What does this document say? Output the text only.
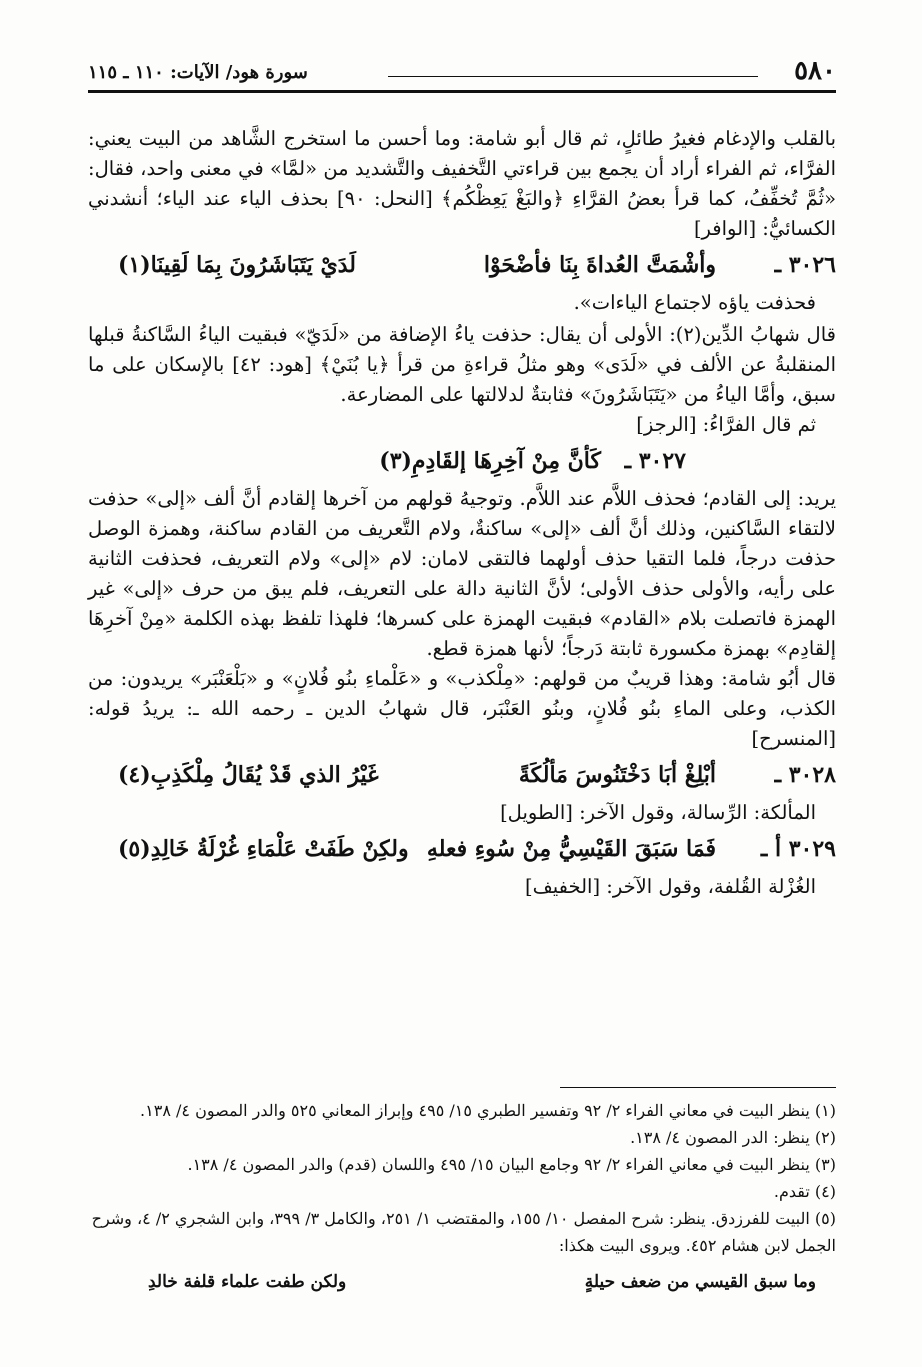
٥٨٠
سورة هود/ الآيات: ١١٠ ـ ١١٥

بالقلب والإدغام فغيرُ طائلٍ، ثم قال أبو شامة: وما أحسن ما استخرج الشَّاهد من البيت يعني: الفرَّاء، ثم الفراء أراد أن يجمع بين قراءتي التَّخفيف والتَّشديد من «لمَّا» في معنى واحد، فقال: «ثُمَّ تُخفِّفُ، كما قرأ بعضُ القرَّاءِ ﴿والبَغْ يَعِظْكُم﴾ [النحل: ٩٠] بحذف الياء عند الياء؛ أنشدني الكسائيُّ: [الوافر]

٣٠٢٦ ـ
وأشْمَتَّ العُداةَ بِنَا فأضْحَوْا
لَدَيْ يَتَبَاشَرُونَ بِمَا لَقِينَا(١)

فحذفت ياؤه لاجتماع الياءات».

قال شهابُ الدِّين(٢): الأولى أن يقال: حذفت ياءُ الإضافة من «لَدَيّ» فبقيت الياءُ السَّاكنةُ قبلها المنقلبةُ عن الألف في «لَدَى» وهو مثلُ قراءةِ من قرأ ﴿يا بُنَيْ﴾ [هود: ٤٢] بالإسكان على ما سبق، وأمَّا الياءُ من «يَتَبَاشَرُونَ» فثابتةٌ لدلالتها على المضارعة.

ثم قال الفرَّاءُ: [الرجز]

٣٠٢٧ ـ
كَأنَّ مِنْ آخِرِهَا إلقَادِمِ(٣)

يريد: إلى القادم؛ فحذف اللاَّم عند اللاَّم. وتوجيهُ قولهم من آخرها إلقادم أنَّ ألف «إلى» حذفت لالتقاء السَّاكنين، وذلك أنَّ ألف «إلى» ساكنةٌ، ولام التَّعريف من القادم ساكنة، وهمزة الوصل حذفت درجاً، فلما التقيا حذف أولهما فالتقى لامان: لام «إلى» ولام التعريف، فحذفت الثانية على رأيه، والأولى حذف الأولى؛ لأنَّ الثانية دالة على التعريف، فلم يبق من حرف «إلى» غير الهمزة فاتصلت بلام «القادم» فبقيت الهمزة على كسرها؛ فلهذا تلفظ بهذه الكلمة «مِنْ آخرِهَا إلقادِم» بهمزة مكسورة ثابتة دَرجاً؛ لأنها همزة قطع.

قال أبُو شامة: وهذا قريبٌ من قولهم: «مِلْكذب» و «عَلْماءِ بنُو فُلانٍ» و «بَلْعَنْبَر» يريدون: من الكذب، وعلى الماءِ بنُو فُلانٍ، وبنُو العَنْبَر، قال شهابُ الدين ـ رحمه الله ـ: يريدُ قوله: [المنسرح]

٣٠٢٨ ـ
أبْلِغْ أبَا دَخْتَنُوسَ مَألُكَةً
غَيْرُ الذي قَدْ يُقَالُ مِلْكَذِبِ(٤)

المألكة: الرِّسالة، وقول الآخر: [الطويل]

٣٠٢٩ أ ـ
فَمَا سَبَقَ القَيْسِيُّ مِنْ سُوءِ فعلهِ
ولكِنْ طَفَتْ عَلْمَاءِ غُرْلَةُ خَالِدِ(٥)

الغُزْلة القُلفة، وقول الآخر: [الخفيف]

(١) ينظر البيت في معاني الفراء ٢/ ٩٢ وتفسير الطبري ١٥/ ٤٩٥ وإبراز المعاني ٥٢٥ والدر المصون ٤/ ١٣٨.

(٢) ينظر: الدر المصون ٤/ ١٣٨.

(٣) ينظر البيت في معاني الفراء ٢/ ٩٢ وجامع البيان ١٥/ ٤٩٥ واللسان (قدم) والدر المصون ٤/ ١٣٨.

(٤) تقدم.

(٥) البيت للفرزدق. ينظر: شرح المفصل ١٠/ ١٥٥، والمقتضب ١/ ٢٥١، والكامل ٣/ ٣٩٩، وابن الشجري ٢/ ٤، وشرح الجمل لابن هشام ٤٥٢. ويروى البيت هكذا:

وما سبق القيسي من ضعف حيلةٍ
ولكن طفت علماء قلفة خالدِ
